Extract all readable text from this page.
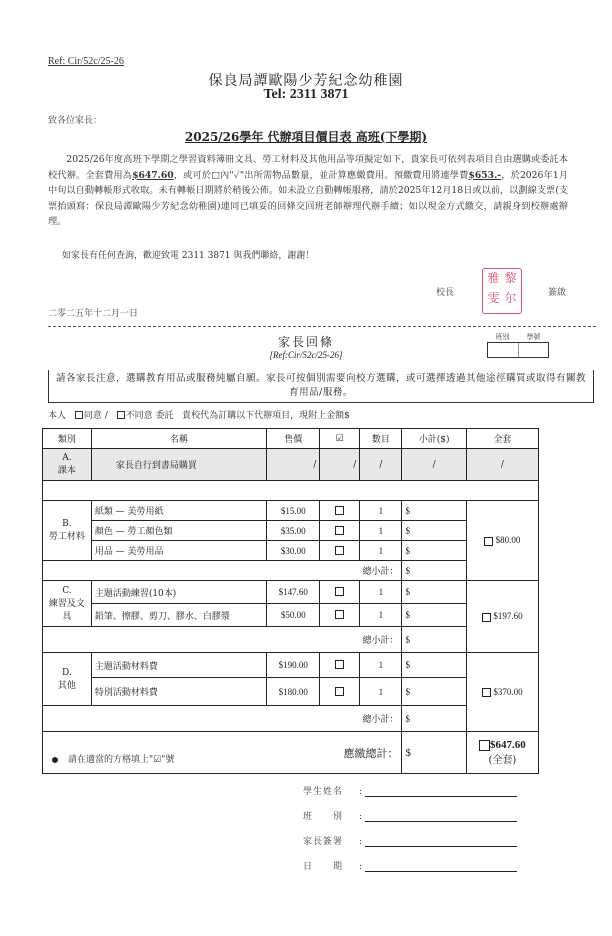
Ref: Cir/52c/25-26
保良局譚歐陽少芳紀念幼稚園
Tel: 2311 3871
致各位家長：
2025/26學年 代辦項目價目表 高班(下學期)
2025/26年度高班下學期之學習資料簿冊文具、勞工材料及其他用品等項擬定如下，貴家長可依列表項目自由選購或委託本校代辦。全套費用為$647.60，或可於□內"✓"出所需物品數量，並計算應繳費用。預繳費用將連學費$653.-，於2026年1月中旬以自動轉帳形式收取。未有轉帳日期將於稍後公佈。如未設立自動轉帳服務，請於2025年12月18日或以前，以劃線支票(支票抬頭寫：保良局譚歐陽少芳紀念幼稚園)連同已填妥的回條交回班老師辦理代辦手續；如以現金方式繳交，請親身到校辦處辦理。
如家長有任何查詢，歡迎致電 2311 3871 與我們聯絡，謝謝！
校長
雅 黎
雯 尔	簽啟
二零二五年十二月一日
家長回條
[Ref:Cir/52c/25-26]
班別	學號
請各家長注意，選購教育用品或服務純屬自願。家長可按個別需要向校方選購，或可選擇透過其他途徑購買或取得有關教育用品/服務。
本人 同意 / 不同意 委託 貴校代為訂購以下代辦項目，現附上金額$
類別	名稱	售價	☑	數目	小計($)	全套
A.
課本	家長自行到書局購買	/	/	/	/	/

B.
勞工材料	紙類 — 美勞用紙	$15.00		1	$	$80.00
	顏色 — 勞工顏色類	$35.00		1	$	
	用品 — 美勞用品	$30.00		1	$	
總小計：					$	

C.
練習及文具	主題活動練習(10本)	$147.60		1	$	$197.60
	鉛筆、擦膠、剪刀、膠水、白膠漿	$50.00		1	$	
總小計：					$	

D.
其他	主題活動材料費	$190.00		1	$	$370.00
	特別活動材料費	$180.00		1	$	
總小計：					$	
應繳總計：					$	$647.60
(全套)
請在適當的方格填上"☑"號
學生姓名	:
班　　別	:
家長簽署	:
日　　期	:
